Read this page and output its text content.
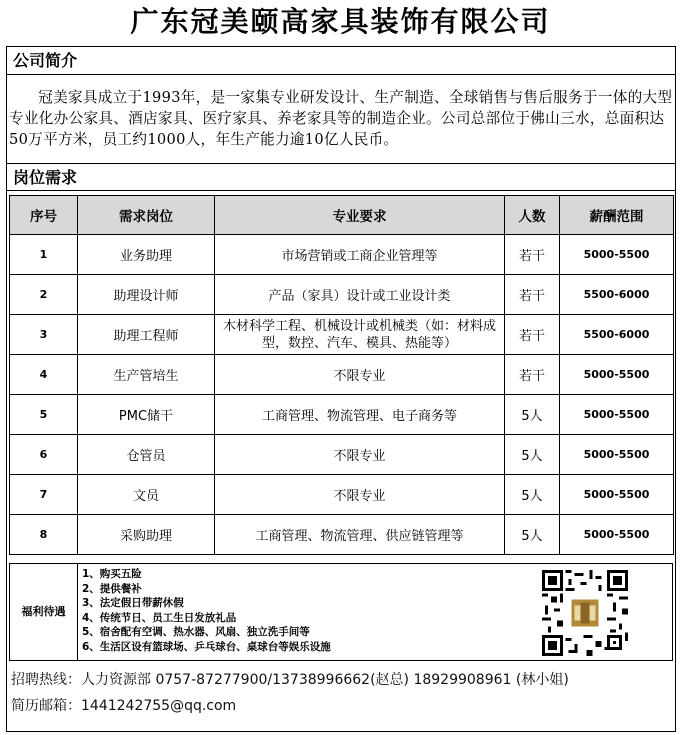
广东冠美颐高家具装饰有限公司
公司简介
冠美家具成立于1993年，是一家集专业研发设计、生产制造、全球销售与售后服务于一体的大型专业化办公家具、酒店家具、医疗家具、养老家具等的制造企业。公司总部位于佛山三水，总面积达50万平方米，员工约1000人，年生产能力逾10亿人民币。
岗位需求
序号	需求岗位	专业要求	人数	薪酬范围
1	业务助理	市场营销或工商企业管理等	若干	5000-5500
2	助理设计师	产品（家具）设计或工业设计类	若干	5500-6000
3	助理工程师	木材科学工程、机械设计或机械类（如：材料成型，数控、汽车、模具、热能等）	若干	5500-6000
4	生产管培生	不限专业	若干	5000-5500
5	PMC储干	工商管理、物流管理、电子商务等	5人	5000-5500
6	仓管员	不限专业	5人	5000-5500
7	文员	不限专业	5人	5000-5500
8	采购助理	工商管理、物流管理、供应链管理等	5人	5000-5500
福利待遇
1、购买五险
2、提供餐补
3、法定假日带薪休假
4、传统节日、员工生日发放礼品
5、宿舍配有空调、热水器、风扇、独立洗手间等
6、生活区设有篮球场、乒乓球台、桌球台等娱乐设施
招聘热线：人力资源部 0757-87277900/13738996662(赵总) 18929908961 (林小姐)
简历邮箱：1441242755@qq.com
